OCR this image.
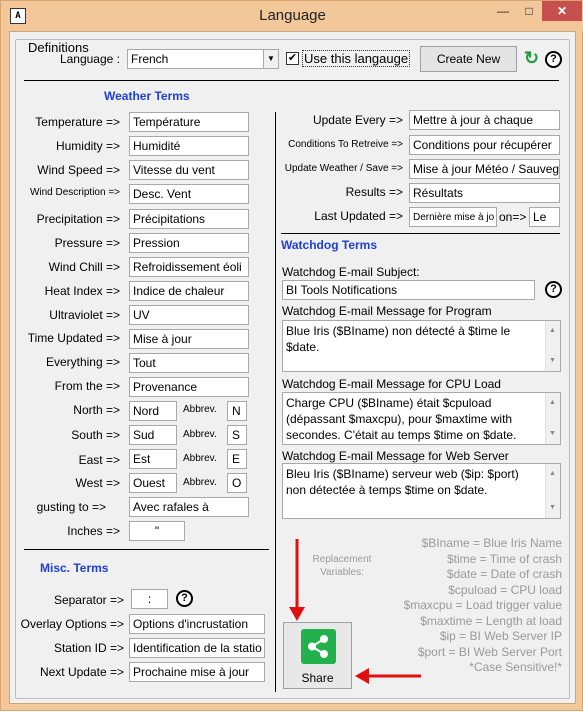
A	Language	—	□	✕
Definitions
Language : French	▼ ✔ Use this langauge	Create New	↻	?
Weather Terms
Temperature =>	Température
Humidity =>	Humidité
Wind Speed =>	Vitesse du vent
Wind Description =>	Desc. Vent
Precipitation =>	Précipitations
Pressure =>	Pression
Wind Chill =>	Refroidissement éoli
Heat Index =>	Indice de chaleur
Ultraviolet =>	UV
Time Updated =>	Mise à jour
Everything =>	Tout
From the =>	Provenance
North =>	Nord	Abbrev.	N
South =>	Sud	Abbrev.	S
East =>	Est	Abbrev.	E
West =>	Ouest	Abbrev.	O
gusting to =>	Avec rafales à
Inches =>	"
Misc. Terms
Separator =>	:	?
Overlay Options => Options d'incrustation
Station ID => Identification de la statio
Next Update => Prochaine mise à jour
Update Every => Mettre à jour à chaque
Conditions To Retreive => Conditions pour récupérer
Update Weather / Save => Mise à jour Météo / Sauveg
Results => Résultats
Last Updated =>	Dernière mise à jo on=> Le
Watchdog Terms
Watchdog E-mail Subject:
BI Tools Notifications	?
Watchdog E-mail Message for Program
Blue Iris ($BIname) non détecté à $time le $date.
▲
▼
Watchdog E-mail Message for CPU Load
Charge CPU ($BIname) était $cpuload (dépassant $maxcpu), pour $maxtime with secondes. C'était au temps $time on $date.
▲
▼
Watchdog E-mail Message for Web Server
Bleu Iris ($BIname) serveur web ($ip: $port) non détectée à temps $time on $date.
▲
▼
Replacement Variables:
$BIname = Blue Iris Name
$time = Time of crash
$date = Date of crash
$cpuload = CPU load
$maxcpu = Load trigger value
$maxtime = Length at load
$ip = BI Web Server IP
$port = BI Web Server Port
*Case Sensitive!*
Share
